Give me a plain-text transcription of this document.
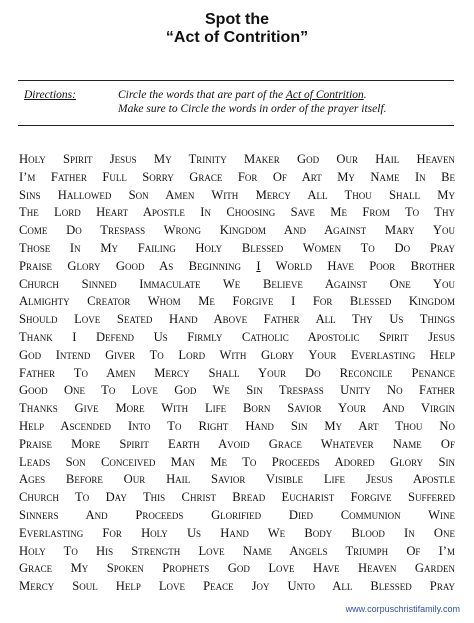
Spot the
“Act of Contrition”
Directions:	Circle the words that are part of the Act of Contrition.
Make sure to Circle the words in order of the prayer itself.
Holy Spirit Jesus My Trinity Maker God Our Hail Heaven
I’m Father Full Sorry Grace For Of Art My Name In Be
Sins Hallowed Son Amen With Mercy All Thou Shall My
The Lord Heart Apostle In Choosing Save Me From To Thy
Come Do Trespass Wrong Kingdom And Against Mary You
Those In My Failing Holy Blessed Women To Do Pray
Praise Glory Good As Beginning I World Have Poor Brother
Church Sinned Immaculate We Believe Against One You
Almighty Creator Whom Me Forgive I For Blessed Kingdom
Should Love Seated Hand Above Father All Thy Us Things
Thank I Defend Us Firmly Catholic Apostolic Spirit Jesus
God Intend Giver To Lord With Glory Your Everlasting Help
Father To Amen Mercy Shall Your Do Reconcile Penance
Good One To Love God We Sin Trespass Unity No Father
Thanks Give More With Life Born Savior Your And Virgin
Help Ascended Into To Right Hand Sin My Art Thou No
Praise More Spirit Earth Avoid Grace Whatever Name Of
Leads Son Conceived Man Me To Proceeds Adored Glory Sin
Ages Before Our Hail Savior Visible Life Jesus Apostle
Church To Day This Christ Bread Eucharist Forgive Suffered
Sinners And Proceeds Glorified Died Communion Wine
Everlasting For Holy Us Hand We Body Blood In One
Holy To His Strength Love Name Angels Triumph Of I’m
Grace My Spoken Prophets God Love Have Heaven Garden
Mercy Soul Help Love Peace Joy Unto All Blessed Pray
www.corpuschristifamily.com
